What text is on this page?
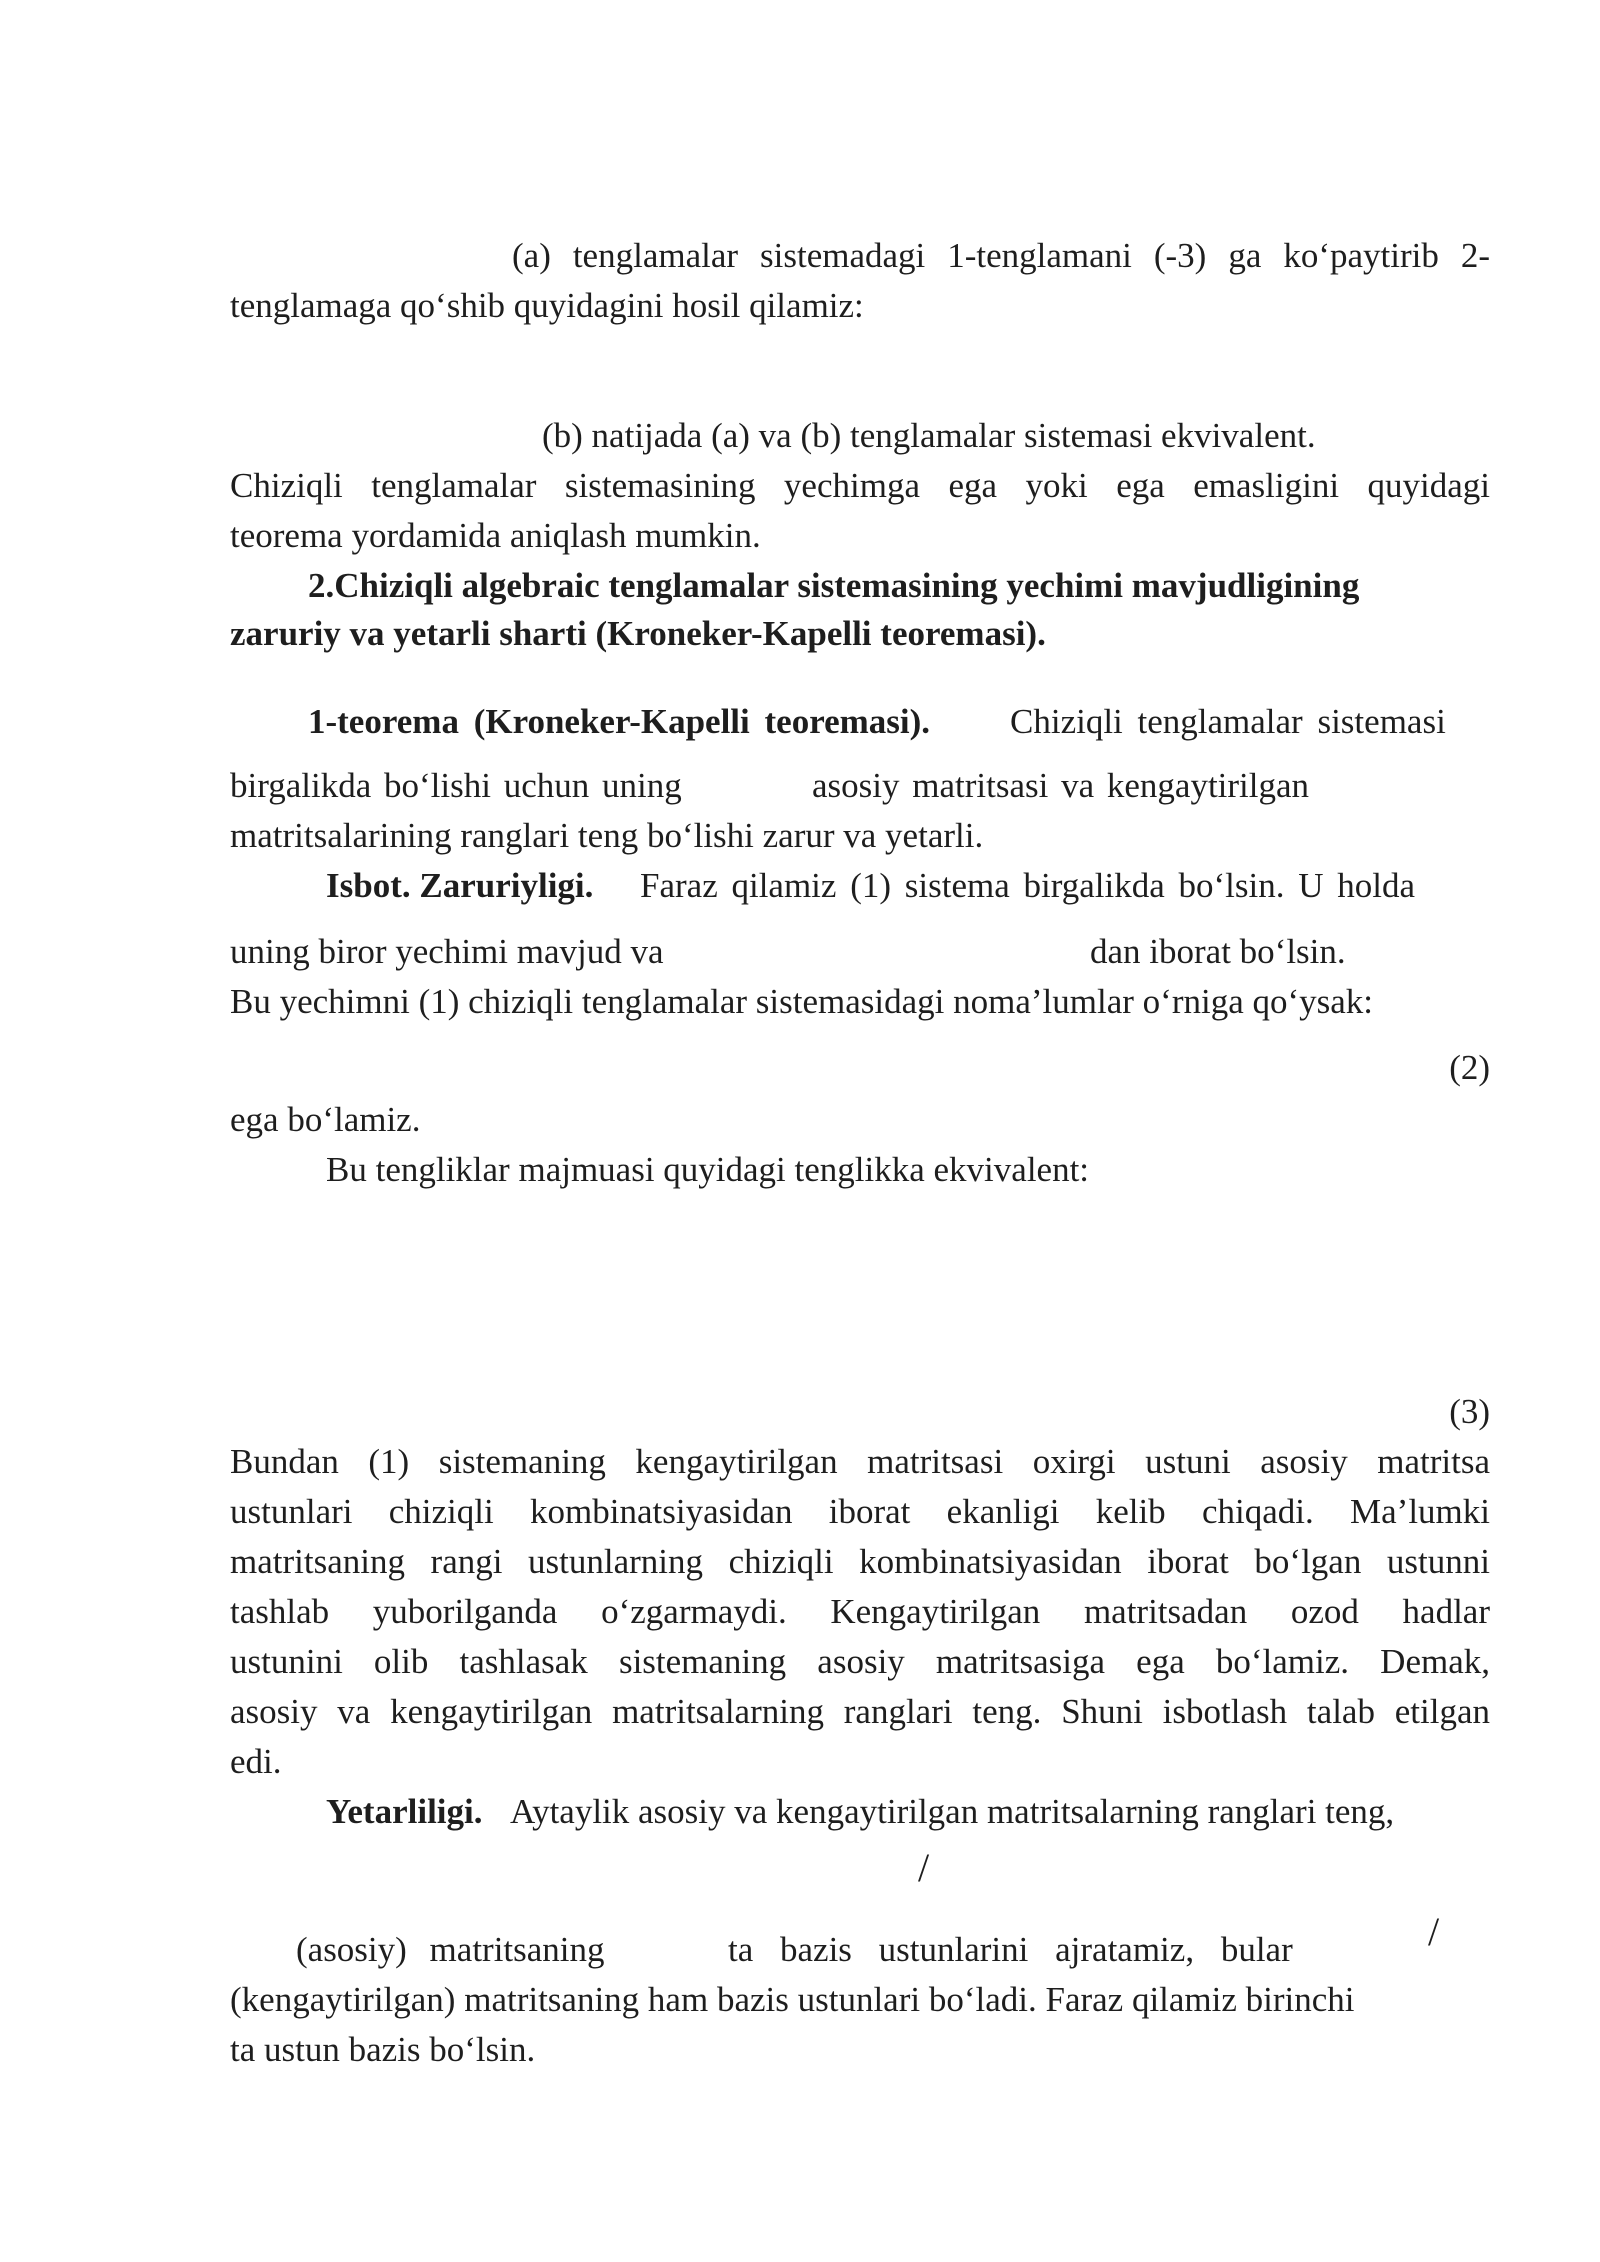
(a) tenglamalar sistemadagi 1-tenglamani (-3) ga ko‘paytirib 2-
tenglamaga qo‘shib quyidagini hosil qilamiz:
(b) natijada (a) va (b) tenglamalar sistemasi ekvivalent.
Chiziqli tenglamalar sistemasining yechimga ega yoki ega emasligini quyidagi
teorema yordamida aniqlash mumkin.
2.Chiziqli algebraic tenglamalar sistemasining yechimi mavjudligining
zaruriy va yetarli sharti (Kroneker-Kapelli teoremasi).
1-teorema (Kroneker-Kapelli teoremasi). Chiziqli tenglamalar sistemasi
birgalikda bo‘lishi uchun uning	asosiy matritsasi va kengaytirilgan
matritsalarining ranglari teng bo‘lishi zarur va yetarli.
Isbot. Zaruriyligi. Faraz qilamiz (1) sistema birgalikda bo‘lsin. U holda
uning biror yechimi mavjud va	dan iborat bo‘lsin.
Bu yechimni (1) chiziqli tenglamalar sistemasidagi noma’lumlar o‘rniga qo‘ysak:
(2)
ega bo‘lamiz.
Bu tengliklar majmuasi quyidagi tenglikka ekvivalent:
(3)
Bundan (1) sistemaning kengaytirilgan matritsasi oxirgi ustuni asosiy matritsa
ustunlari chiziqli kombinatsiyasidan iborat ekanligi kelib chiqadi. Ma’lumki
matritsaning rangi ustunlarning chiziqli kombinatsiyasidan iborat bo‘lgan ustunni
tashlab yuborilganda o‘zgarmaydi. Kengaytirilgan matritsadan ozod hadlar
ustunini olib tashlasak sistemaning asosiy matritsasiga ega bo‘lamiz. Demak,
asosiy va kengaytirilgan matritsalarning ranglari teng. Shuni isbotlash talab etilgan
edi.
Yetarliligi. Aytaylik asosiy va kengaytirilgan matritsalarning ranglari teng,
/
(asosiy) matritsaning	ta bazis ustunlarini ajratamiz, bular	/
(kengaytirilgan) matritsaning ham bazis ustunlari bo‘ladi. Faraz qilamiz birinchi
ta ustun bazis bo‘lsin.
